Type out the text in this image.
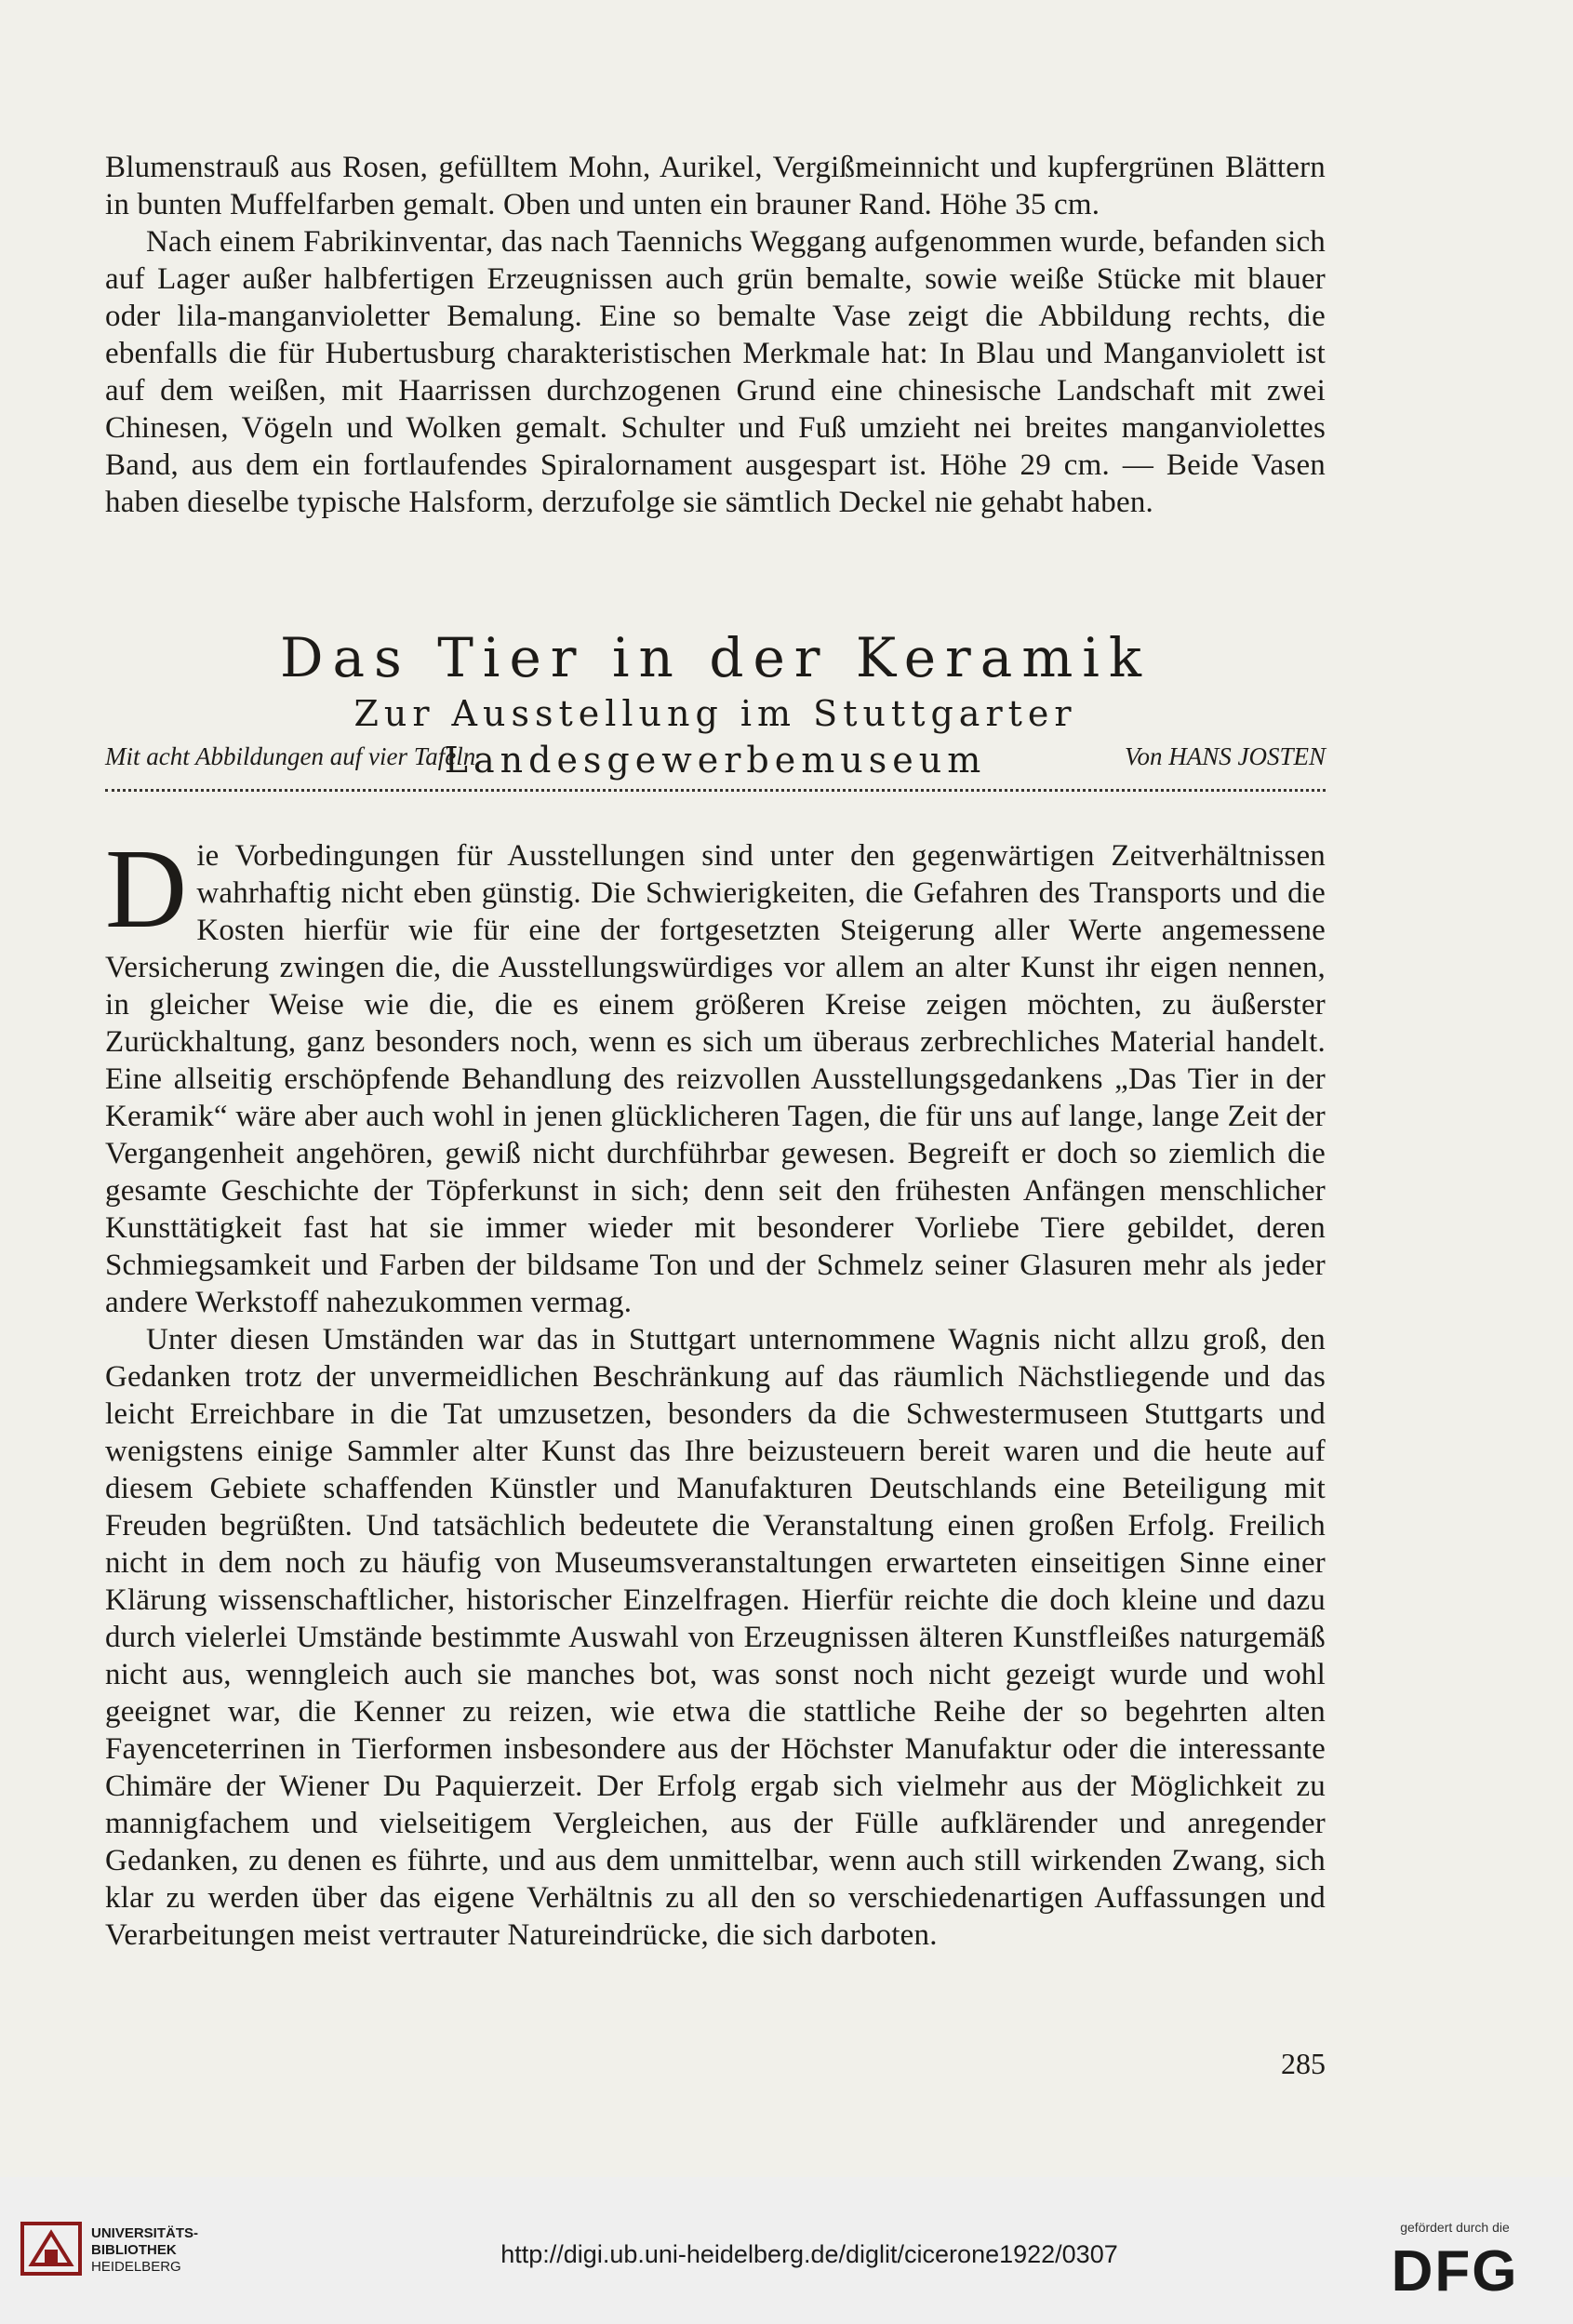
Blumenstrauß aus Rosen, gefülltem Mohn, Aurikel, Vergißmeinnicht und kupfergrünen Blättern in bunten Muffelfarben gemalt. Oben und unten ein brauner Rand. Höhe 35 cm.

Nach einem Fabrikinventar, das nach Taennichs Weggang aufgenommen wurde, befanden sich auf Lager außer halbfertigen Erzeugnissen auch grün bemalte, sowie weiße Stücke mit blauer oder lila-manganvioletter Bemalung. Eine so bemalte Vase zeigt die Abbildung rechts, die ebenfalls die für Hubertusburg charakteristischen Merkmale hat: In Blau und Manganviolett ist auf dem weißen, mit Haarrissen durchzogenen Grund eine chinesische Landschaft mit zwei Chinesen, Vögeln und Wolken gemalt. Schulter und Fuß umzieht nei breites manganviolettes Band, aus dem ein fortlaufendes Spiralornament ausgespart ist. Höhe 29 cm. — Beide Vasen haben dieselbe typische Halsform, derzufolge sie sämtlich Deckel nie gehabt haben.

Das Tier in der Keramik
Zur Ausstellung im Stuttgarter Landesgewerbemuseum
Mit acht Abbildungen auf vier Tafeln	Von HANS JOSTEN

Die Vorbedingungen für Ausstellungen sind unter den gegenwärtigen Zeitverhältnissen wahrhaftig nicht eben günstig. Die Schwierigkeiten, die Gefahren des Transports und die Kosten hierfür wie für eine der fortgesetzten Steigerung aller Werte angemessene Versicherung zwingen die, die Ausstellungswürdiges vor allem an alter Kunst ihr eigen nennen, in gleicher Weise wie die, die es einem größeren Kreise zeigen möchten, zu äußerster Zurückhaltung, ganz besonders noch, wenn es sich um überaus zerbrechliches Material handelt. Eine allseitig erschöpfende Behandlung des reizvollen Ausstellungsgedankens „Das Tier in der Keramik“ wäre aber auch wohl in jenen glücklicheren Tagen, die für uns auf lange, lange Zeit der Vergangenheit angehören, gewiß nicht durchführbar gewesen. Begreift er doch so ziemlich die gesamte Geschichte der Töpferkunst in sich; denn seit den frühesten Anfängen menschlicher Kunsttätigkeit fast hat sie immer wieder mit besonderer Vorliebe Tiere gebildet, deren Schmiegsamkeit und Farben der bildsame Ton und der Schmelz seiner Glasuren mehr als jeder andere Werkstoff nahezukommen vermag.

Unter diesen Umständen war das in Stuttgart unternommene Wagnis nicht allzu groß, den Gedanken trotz der unvermeidlichen Beschränkung auf das räumlich Nächstliegende und das leicht Erreichbare in die Tat umzusetzen, besonders da die Schwestermuseen Stuttgarts und wenigstens einige Sammler alter Kunst das Ihre beizusteuern bereit waren und die heute auf diesem Gebiete schaffenden Künstler und Manufakturen Deutschlands eine Beteiligung mit Freuden begrüßten. Und tatsächlich bedeutete die Veranstaltung einen großen Erfolg. Freilich nicht in dem noch zu häufig von Museumsveranstaltungen erwarteten einseitigen Sinne einer Klärung wissenschaftlicher, historischer Einzelfragen. Hierfür reichte die doch kleine und dazu durch vielerlei Umstände bestimmte Auswahl von Erzeugnissen älteren Kunstfleißes naturgemäß nicht aus, wenngleich auch sie manches bot, was sonst noch nicht gezeigt wurde und wohl geeignet war, die Kenner zu reizen, wie etwa die stattliche Reihe der so begehrten alten Fayenceterrinen in Tierformen insbesondere aus der Höchster Manufaktur oder die interessante Chimäre der Wiener Du Paquierzeit. Der Erfolg ergab sich vielmehr aus der Möglichkeit zu mannigfachem und vielseitigem Vergleichen, aus der Fülle aufklärender und anregender Gedanken, zu denen es führte, und aus dem unmittelbar, wenn auch still wirkenden Zwang, sich klar zu werden über das eigene Verhältnis zu all den so verschiedenartigen Auffassungen und Verarbeitungen meist vertrauter Natureindrücke, die sich darboten.

285
UNIVERSITÄTS-
BIBLIOTHEK
HEIDELBERG	http://digi.ub.uni-heidelberg.de/diglit/cicerone1922/0307
gefördert durch die
DFG
